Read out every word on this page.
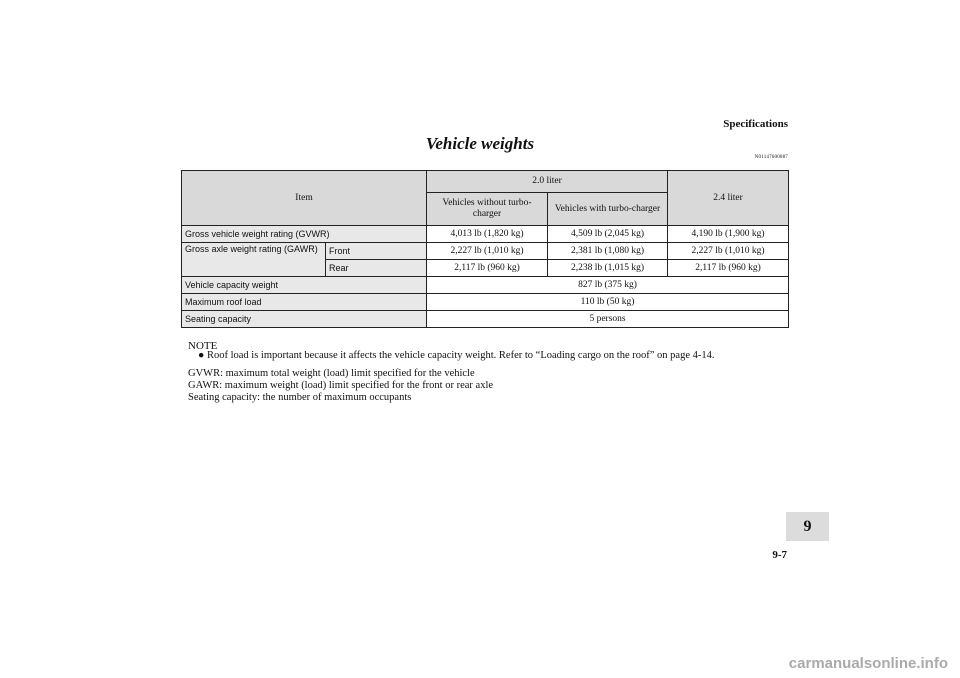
Specifications
Vehicle weights
N01147600087
Item		2.0 liter		2.4 liter
		Vehicles without turbo-charger	Vehicles with turbo-charger	
Gross vehicle weight rating (GVWR)		4,013 lb (1,820 kg)	4,509 lb (2,045 kg)	4,190 lb (1,900 kg)
Gross axle weight rating (GAWR)	Front	2,227 lb (1,010 kg)	2,381 lb (1,080 kg)	2,227 lb (1,010 kg)
	Rear	2,117 lb (960 kg)	2,238 lb (1,015 kg)	2,117 lb (960 kg)
Vehicle capacity weight		827 lb (375 kg)		
Maximum roof load		110 lb (50 kg)		
Seating capacity		5 persons		
NOTE
● Roof load is important because it affects the vehicle capacity weight. Refer to “Loading cargo on the roof” on page 4-14.
GVWR: maximum total weight (load) limit specified for the vehicle
GAWR: maximum weight (load) limit specified for the front or rear axle
Seating capacity: the number of maximum occupants
9
9-7
carmanualsonline.info
